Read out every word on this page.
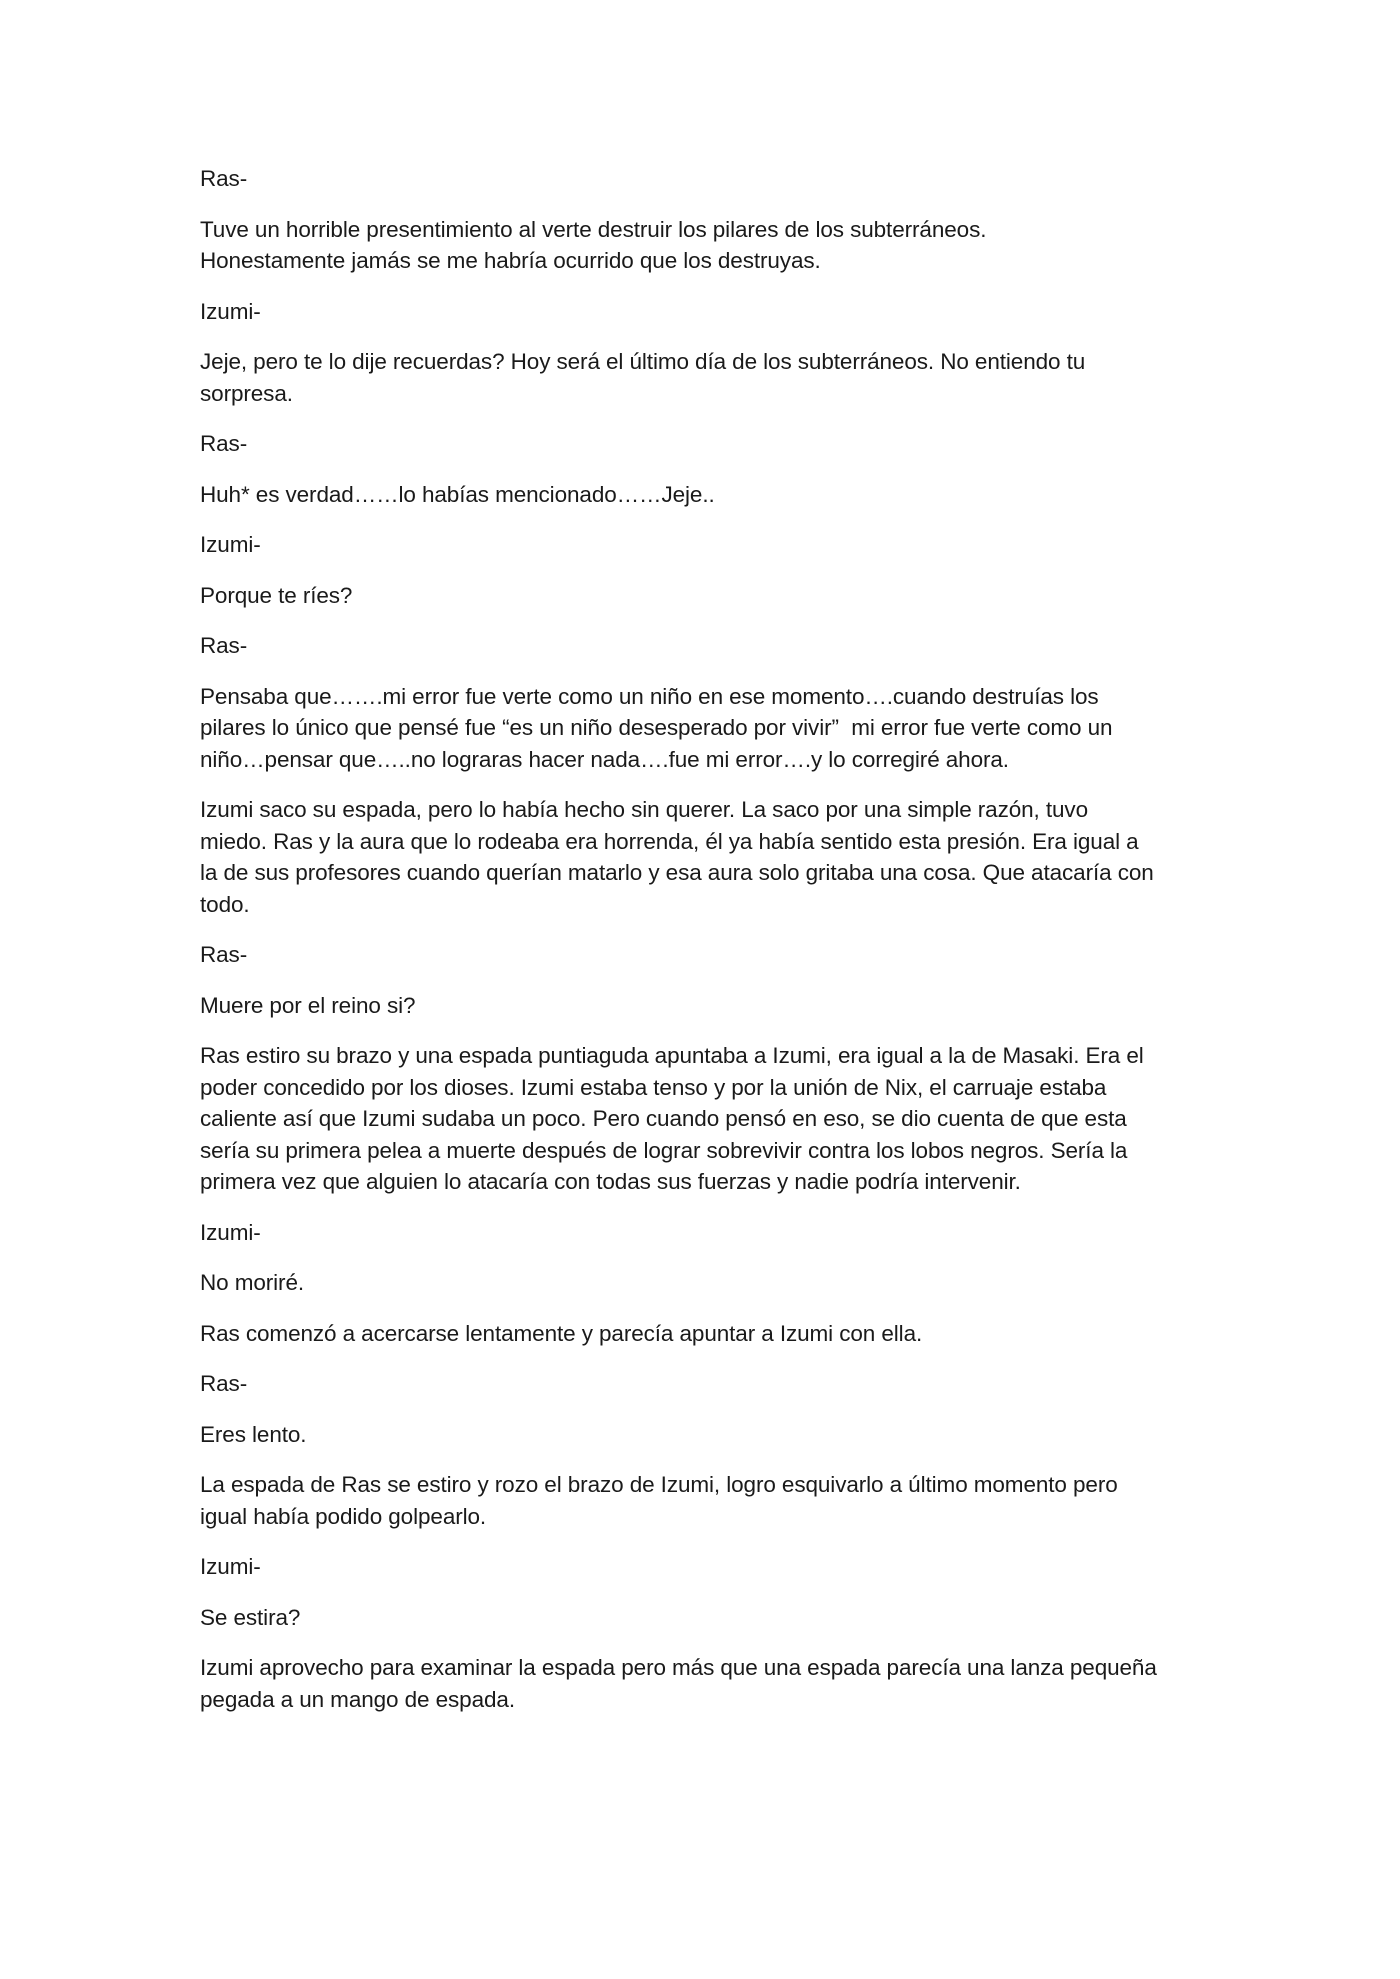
Ras-

Tuve un horrible presentimiento al verte destruir los pilares de los subterráneos.
Honestamente jamás se me habría ocurrido que los destruyas.

Izumi-

Jeje, pero te lo dije recuerdas? Hoy será el último día de los subterráneos. No entiendo tu
sorpresa.

Ras-

Huh* es verdad……lo habías mencionado……Jeje..

Izumi-

Porque te ríes?

Ras-

Pensaba que…….mi error fue verte como un niño en ese momento….cuando destruías los
pilares lo único que pensé fue “es un niño desesperado por vivir”  mi error fue verte como un
niño…pensar que…..no lograras hacer nada….fue mi error….y lo corregiré ahora.

Izumi saco su espada, pero lo había hecho sin querer. La saco por una simple razón, tuvo
miedo. Ras y la aura que lo rodeaba era horrenda, él ya había sentido esta presión. Era igual a
la de sus profesores cuando querían matarlo y esa aura solo gritaba una cosa. Que atacaría con
todo.

Ras-

Muere por el reino si?

Ras estiro su brazo y una espada puntiaguda apuntaba a Izumi, era igual a la de Masaki. Era el
poder concedido por los dioses. Izumi estaba tenso y por la unión de Nix, el carruaje estaba
caliente así que Izumi sudaba un poco. Pero cuando pensó en eso, se dio cuenta de que esta
sería su primera pelea a muerte después de lograr sobrevivir contra los lobos negros. Sería la
primera vez que alguien lo atacaría con todas sus fuerzas y nadie podría intervenir.

Izumi-

No moriré.

Ras comenzó a acercarse lentamente y parecía apuntar a Izumi con ella.

Ras-

Eres lento.

La espada de Ras se estiro y rozo el brazo de Izumi, logro esquivarlo a último momento pero
igual había podido golpearlo.

Izumi-

Se estira?

Izumi aprovecho para examinar la espada pero más que una espada parecía una lanza pequeña
pegada a un mango de espada.
